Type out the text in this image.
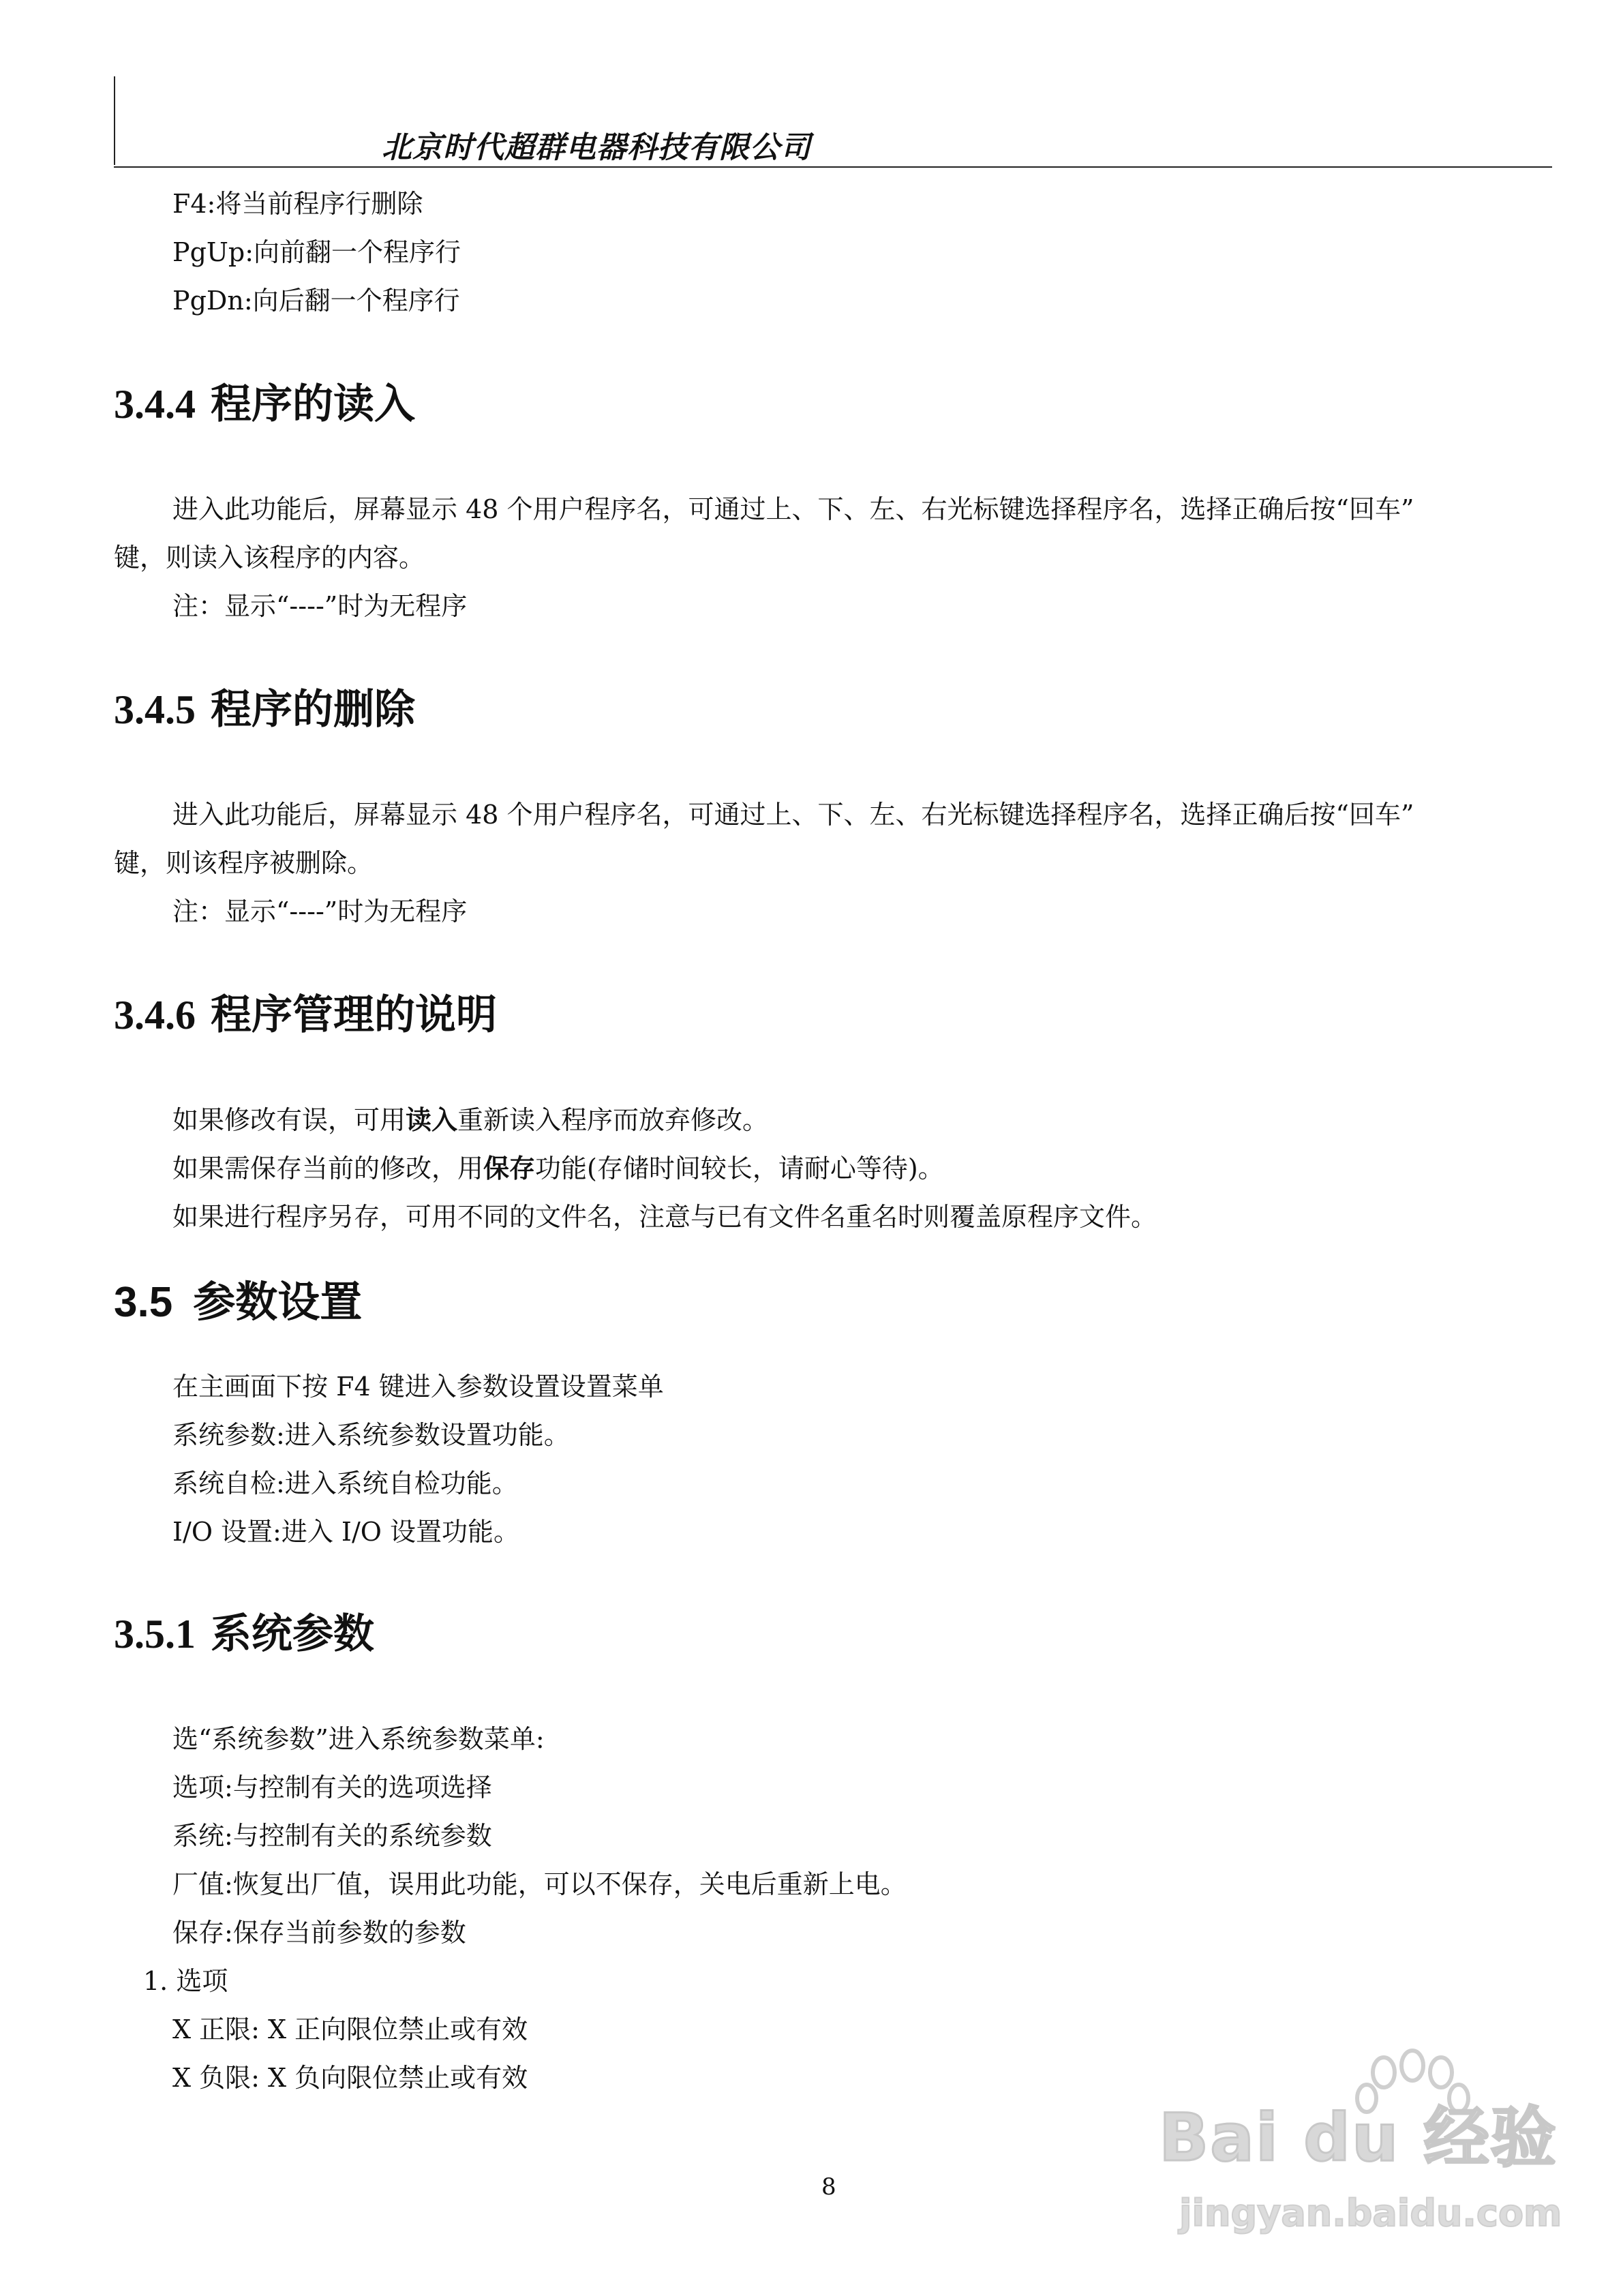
北京时代超群电器科技有限公司
F4:将当前程序行删除
PgUp:向前翻一个程序行
PgDn:向后翻一个程序行
3.4.4 程序的读入
进入此功能后，屏幕显示 48 个用户程序名，可通过上、下、左、右光标键选择程序名，选择正确后按“回车”
键，则读入该程序的内容。
注：显示“----”时为无程序
3.4.5 程序的删除
进入此功能后，屏幕显示 48 个用户程序名，可通过上、下、左、右光标键选择程序名，选择正确后按“回车”
键，则该程序被删除。
注：显示“----”时为无程序
3.4.6 程序管理的说明
如果修改有误，可用读入重新读入程序而放弃修改。
如果需保存当前的修改，用保存功能(存储时间较长，请耐心等待)。
如果进行程序另存，可用不同的文件名，注意与已有文件名重名时则覆盖原程序文件。
3.5 参数设置
在主画面下按 F4 键进入参数设置设置菜单
系统参数:进入系统参数设置功能。
系统自检:进入系统自检功能。
I/O 设置:进入 I/O 设置功能。
3.5.1 系统参数
选“系统参数”进入系统参数菜单:
选项:与控制有关的选项选择
系统:与控制有关的系统参数
厂值:恢复出厂值，误用此功能，可以不保存，关电后重新上电。
保存:保存当前参数的参数
1. 选项
X 正限: X 正向限位禁止或有效
X 负限: X 负向限位禁止或有效
8
Bai du 经验
jingyan.baidu.com
